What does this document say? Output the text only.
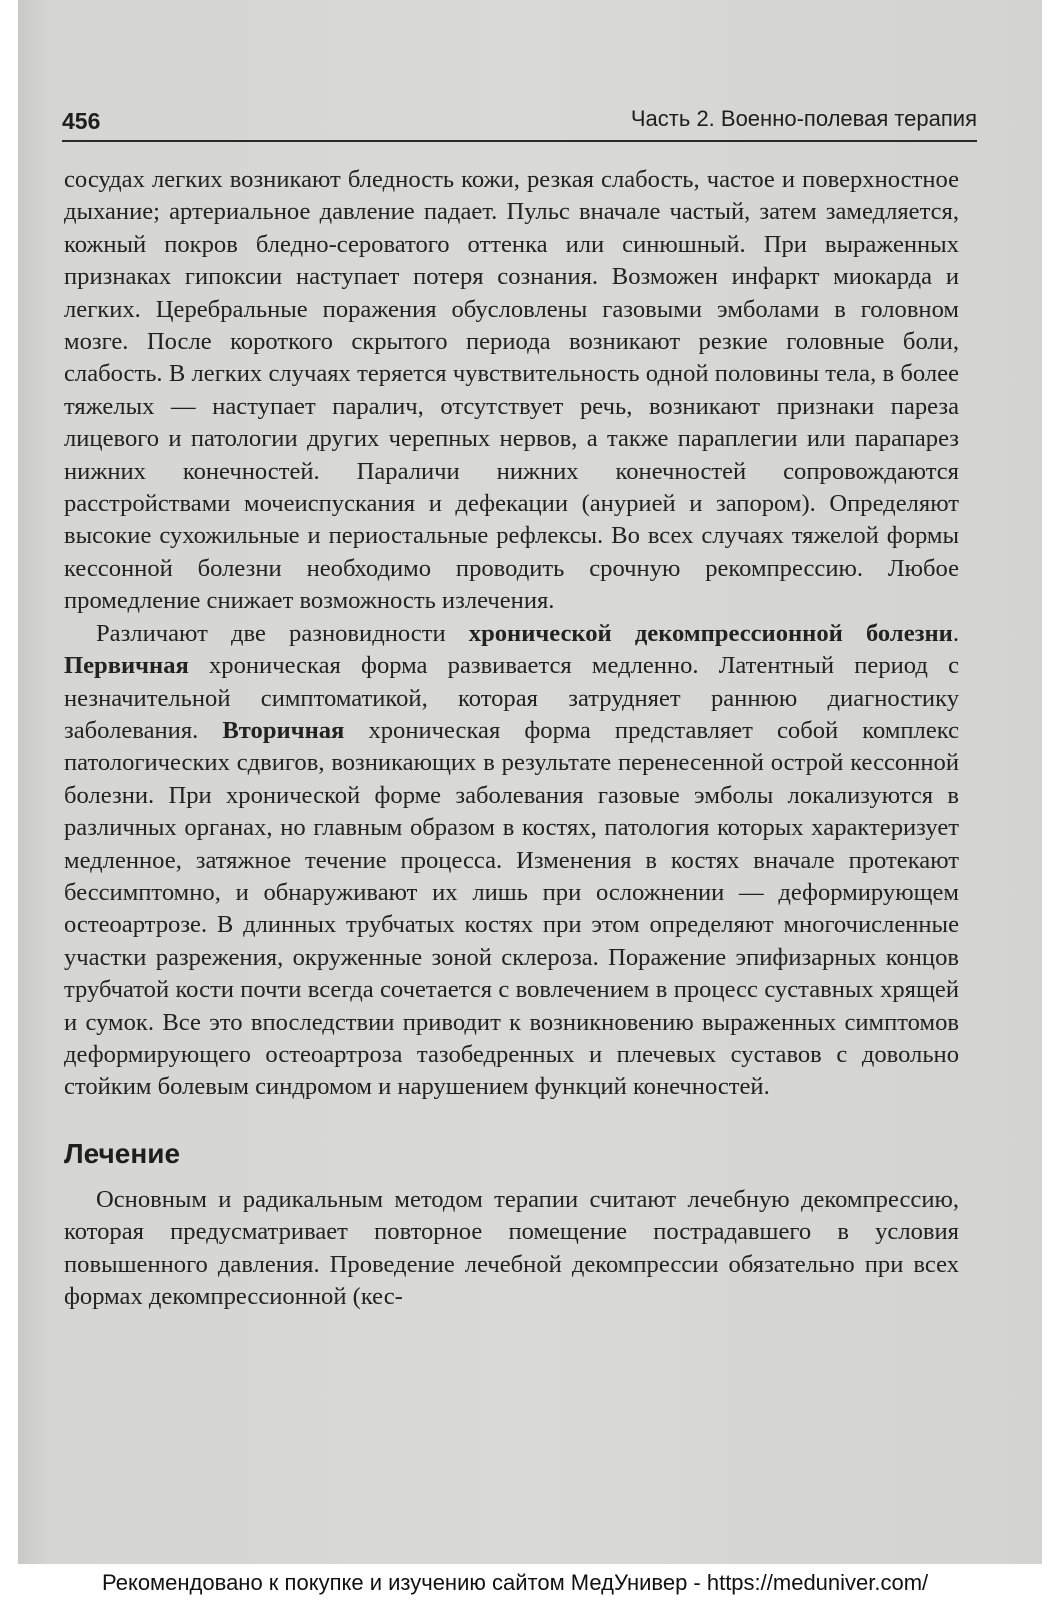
456	Часть 2. Военно-полевая терапия

сосудах легких возникают бледность кожи, резкая слабость, частое и поверхностное дыхание; артериальное давление падает. Пульс вначале частый, затем замедляется, кожный покров бледно-сероватого оттенка или синюшный. При выраженных признаках гипоксии наступает потеря сознания. Возможен инфаркт миокарда и легких. Церебральные поражения обусловлены газовыми эмболами в головном мозге. После короткого скрытого периода возникают резкие головные боли, слабость. В легких случаях теряется чувствительность одной половины тела, в более тяжелых — наступает паралич, отсутствует речь, возникают признаки пареза лицевого и патологии других черепных нервов, а также параплегии или парапарез нижних конечностей. Параличи нижних конечностей сопровождаются расстройствами мочеиспускания и дефекации (анурией и запором). Определяют высокие сухожильные и периостальные рефлексы. Во всех случаях тяжелой формы кессонной болезни необходимо проводить срочную рекомпрессию. Любое промедление снижает возможность излечения.

Различают две разновидности хронической декомпрессионной болезни. Первичная хроническая форма развивается медленно. Латентный период с незначительной симптоматикой, которая затрудняет раннюю диагностику заболевания. Вторичная хроническая форма представляет собой комплекс патологических сдвигов, возникающих в результате перенесенной острой кессонной болезни. При хронической форме заболевания газовые эмболы локализуются в различных органах, но главным образом в костях, патология которых характеризует медленное, затяжное течение процесса. Изменения в костях вначале протекают бессимптомно, и обнаруживают их лишь при осложнении — деформирующем остеоартрозе. В длинных трубчатых костях при этом определяют многочисленные участки разрежения, окруженные зоной склероза. Поражение эпифизарных концов трубчатой кости почти всегда сочетается с вовлечением в процесс суставных хрящей и сумок. Все это впоследствии приводит к возникновению выраженных симптомов деформирующего остеоартроза тазобедренных и плечевых суставов с довольно стойким болевым синдромом и нарушением функций конечностей.

Лечение

Основным и радикальным методом терапии считают лечебную декомпрессию, которая предусматривает повторное помещение пострадавшего в условия повышенного давления. Проведение лечебной декомпрессии обязательно при всех формах декомпрессионной (кес-

Рекомендовано к покупке и изучению сайтом МедУнивер - https://meduniver.com/
